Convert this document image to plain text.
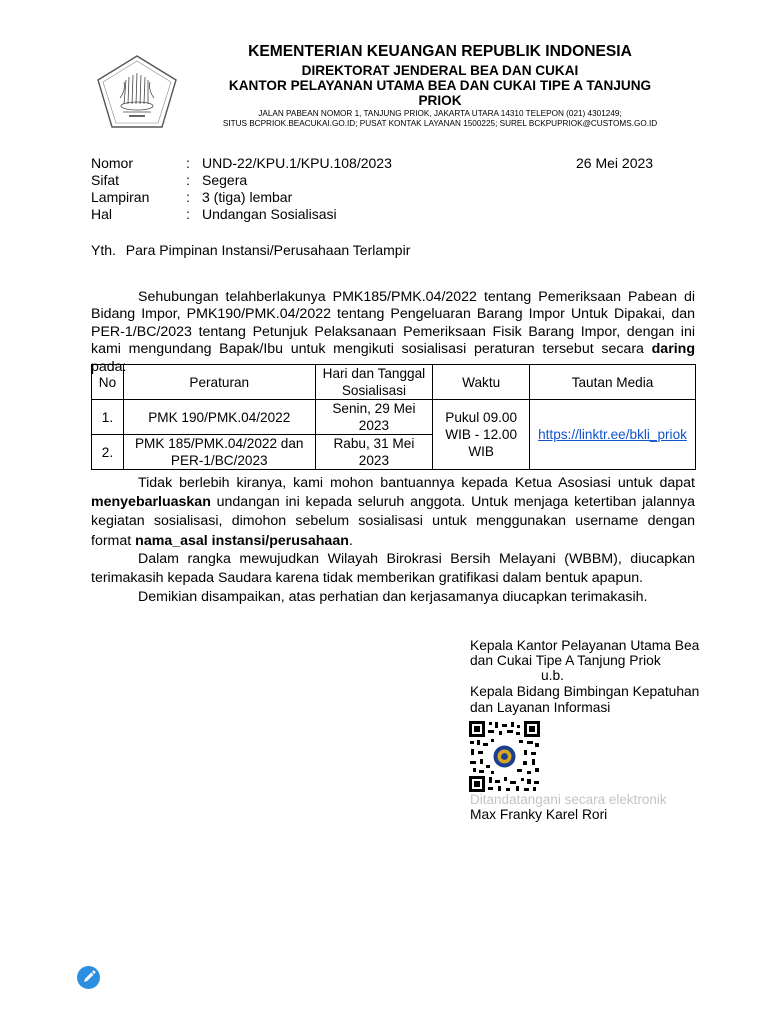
KEMENTERIAN KEUANGAN REPUBLIK INDONESIA
DIREKTORAT JENDERAL BEA DAN CUKAI
KANTOR PELAYANAN UTAMA BEA DAN CUKAI TIPE A TANJUNG
PRIOK
JALAN PABEAN NOMOR 1, TANJUNG PRIOK, JAKARTA UTARA 14310 TELEPON (021) 4301249;
SITUS BCPRIOK.BEACUKAI.GO.ID; PUSAT KONTAK LAYANAN 1500225; SUREL BCKPUPRIOK@CUSTOMS.GO.ID
Nomor	: UND-22/KPU.1/KPU.108/2023	26 Mei 2023
Sifat	: Segera
Lampiran	: 3 (tiga) lembar
Hal	: Undangan Sosialisasi
Yth. Para Pimpinan Instansi/Perusahaan Terlampir
Sehubungan telahberlakunya PMK185/PMK.04/2022 tentang Pemeriksaan Pabean di Bidang Impor, PMK190/PMK.04/2022 tentang Pengeluaran Barang Impor Untuk Dipakai, dan PER-1/BC/2023 tentang Petunjuk Pelaksanaan Pemeriksaan Fisik Barang Impor, dengan ini kami mengundang Bapak/Ibu untuk mengikuti sosialisasi peraturan tersebut secara daring pada:
No	Peraturan	Hari dan Tanggal Sosialisasi	Waktu	Tautan Media
1.	PMK 190/PMK.04/2022	Senin, 29 Mei 2023	Pukul 09.00 WIB - 12.00 WIB	https://linktr.ee/bkli_priok
2.	PMK 185/PMK.04/2022 dan PER-1/BC/2023	Rabu, 31 Mei 2023		
Tidak berlebih kiranya, kami mohon bantuannya kepada Ketua Asosiasi untuk dapat menyebarluaskan undangan ini kepada seluruh anggota. Untuk menjaga ketertiban jalannya kegiatan sosialisasi, dimohon sebelum sosialisasi untuk menggunakan username dengan format nama_asal instansi/perusahaan.
Dalam rangka mewujudkan Wilayah Birokrasi Bersih Melayani (WBBM), diucapkan terimakasih kepada Saudara karena tidak memberikan gratifikasi dalam bentuk apapun.
Demikian disampaikan, atas perhatian dan kerjasamanya diucapkan terimakasih.
Kepala Kantor Pelayanan Utama Bea
dan Cukai Tipe A Tanjung Priok
u.b.
Kepala Bidang Bimbingan Kepatuhan
dan Layanan Informasi
Ditandatangani secara elektronik
Max Franky Karel Rori
